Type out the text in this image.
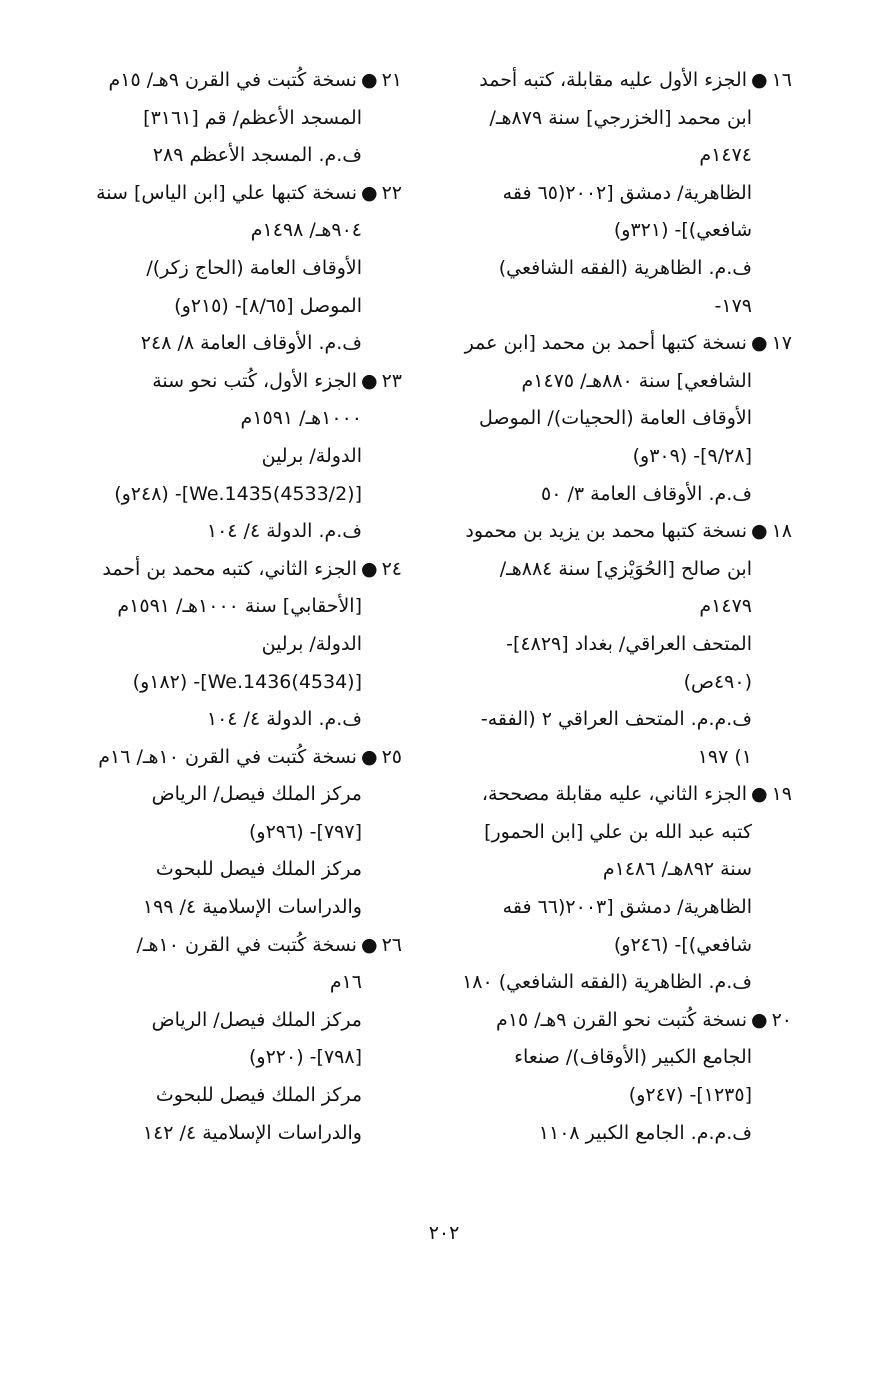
١٦
●
الجزء الأول عليه مقابلة، كتبه أحمد
ابن محمد [الخزرجي] سنة ٨٧٩هـ/
١٤٧٤م
الظاهرية/ دمشق [٢٠٠٢(٦٥ فقه
شافعي)]- (٣٢١و)
ف.م. الظاهرية (الفقه الشافعي)
١٧٩-
١٧
●
نسخة كتبها أحمد بن محمد [ابن عمر
الشافعي] سنة ٨٨٠هـ/ ١٤٧٥م
الأوقاف العامة (الحجيات)/ الموصل
[٩/٢٨]- (٣٠٩و)
ف.م. الأوقاف العامة ٣/ ٥٠
١٨
●
نسخة كتبها محمد بن يزيد بن محمود
ابن صالح [الحُوَيْزي] سنة ٨٨٤هـ/
١٤٧٩م
المتحف العراقي/ بغداد [٤٨٢٩]-
(٤٩٠ص)
ف.م.م. المتحف العراقي ٢ (الفقه-
١) ١٩٧
١٩
●
الجزء الثاني، عليه مقابلة مصححة،
كتبه عبد الله بن علي [ابن الحمور]
سنة ٨٩٢هـ/ ١٤٨٦م
الظاهرية/ دمشق [٢٠٠٣(٦٦ فقه
شافعي)]- (٢٤٦و)
ف.م. الظاهرية (الفقه الشافعي) ١٨٠
٢٠
●
نسخة كُتبت نحو القرن ٩هـ/ ١٥م
الجامع الكبير (الأوقاف)/ صنعاء
[١٢٣٥]- (٢٤٧و)
ف.م.م. الجامع الكبير ١١٠٨
٢١
●
نسخة كُتبت في القرن ٩هـ/ ١٥م
المسجد الأعظم/ قم [٣١٦١]
ف.م. المسجد الأعظم ٢٨٩
٢٢
●
نسخة كتبها علي [ابن الياس] سنة
٩٠٤هـ/ ١٤٩٨م
الأوقاف العامة (الحاج زكر)/
الموصل [٨/٦٥]- (٢١٥و)
ف.م. الأوقاف العامة ٨/ ٢٤٨
٢٣
●
الجزء الأول، كُتب نحو سنة
١٠٠٠هـ/ ١٥٩١م
الدولة/ برلين
[(4533/2)We.1435]- (٢٤٨و)
ف.م. الدولة ٤/ ١٠٤
٢٤
●
الجزء الثاني، كتبه محمد بن أحمد
[الأحقابي] سنة ١٠٠٠هـ/ ١٥٩١م
الدولة/ برلين
[(4534)We.1436]- (١٨٢و)
ف.م. الدولة ٤/ ١٠٤
٢٥
●
نسخة كُتبت في القرن ١٠هـ/ ١٦م
مركز الملك فيصل/ الرياض
[٧٩٧]- (٢٩٦و)
مركز الملك فيصل للبحوث
والدراسات الإسلامية ٤/ ١٩٩
٢٦
●
نسخة كُتبت في القرن ١٠هـ/
١٦م
مركز الملك فيصل/ الرياض
[٧٩٨]- (٢٢٠و)
مركز الملك فيصل للبحوث
والدراسات الإسلامية ٤/ ١٤٢
٢٠٢
